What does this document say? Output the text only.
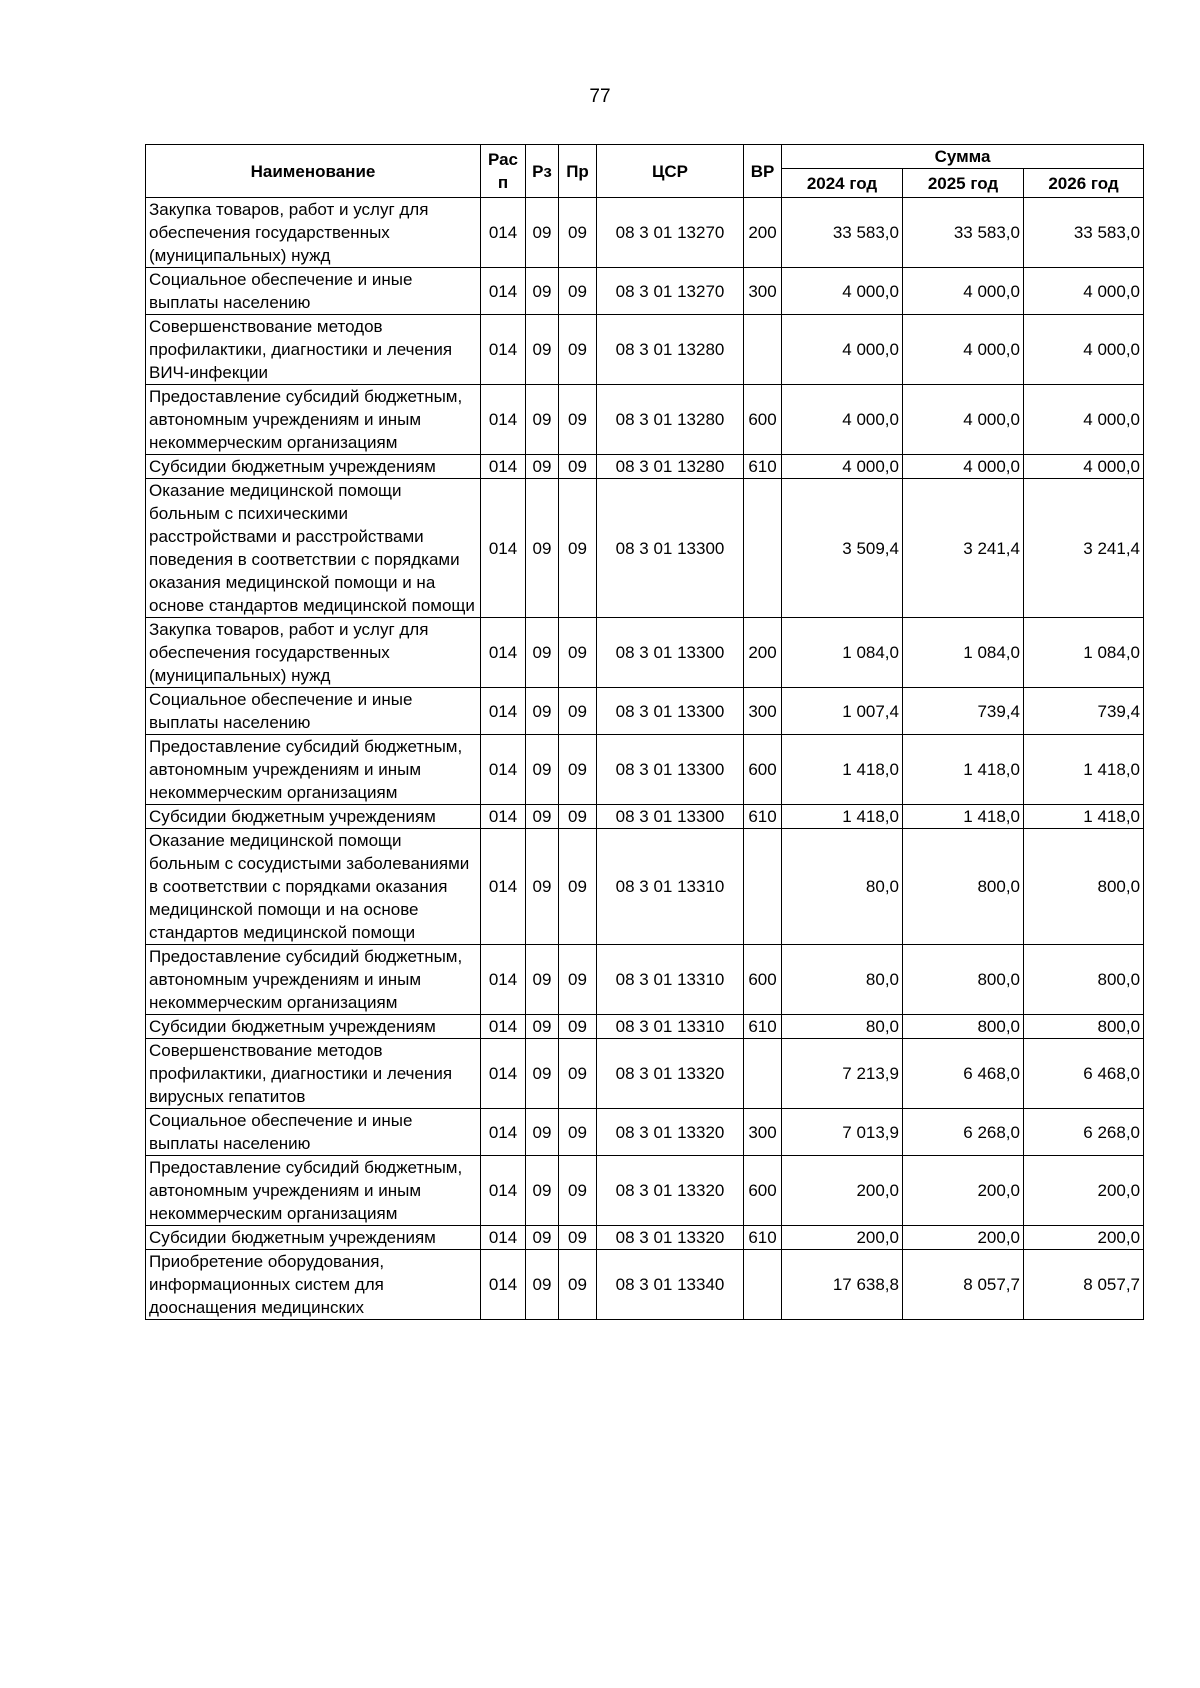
77
Наименование	Рас п	Рз	Пр	ЦСР	ВР	Сумма		
						2024 год	2025 год	2026 год
Закупка товаров, работ и услуг для обеспечения государственных (муниципальных) нужд	014	09	09	08 3 01 13270	200	33 583,0	33 583,0	33 583,0
Социальное обеспечение и иные выплаты населению	014	09	09	08 3 01 13270	300	4 000,0	4 000,0	4 000,0
Совершенствование методов профилактики, диагностики и лечения ВИЧ-инфекции	014	09	09	08 3 01 13280		4 000,0	4 000,0	4 000,0
Предоставление субсидий бюджетным, автономным учреждениям и иным некоммерческим организациям	014	09	09	08 3 01 13280	600	4 000,0	4 000,0	4 000,0
Субсидии бюджетным учреждениям	014	09	09	08 3 01 13280	610	4 000,0	4 000,0	4 000,0
Оказание медицинской помощи больным с психическими расстройствами и расстройствами поведения в соответствии с порядками оказания медицинской помощи и на основе стандартов медицинской помощи	014	09	09	08 3 01 13300		3 509,4	3 241,4	3 241,4
Закупка товаров, работ и услуг для обеспечения государственных (муниципальных) нужд	014	09	09	08 3 01 13300	200	1 084,0	1 084,0	1 084,0
Социальное обеспечение и иные выплаты населению	014	09	09	08 3 01 13300	300	1 007,4	739,4	739,4
Предоставление субсидий бюджетным, автономным учреждениям и иным некоммерческим организациям	014	09	09	08 3 01 13300	600	1 418,0	1 418,0	1 418,0
Субсидии бюджетным учреждениям	014	09	09	08 3 01 13300	610	1 418,0	1 418,0	1 418,0
Оказание медицинской помощи больным с сосудистыми заболеваниями в соответствии с порядками оказания медицинской помощи и на основе стандартов медицинской помощи	014	09	09	08 3 01 13310		80,0	800,0	800,0
Предоставление субсидий бюджетным, автономным учреждениям и иным некоммерческим организациям	014	09	09	08 3 01 13310	600	80,0	800,0	800,0
Субсидии бюджетным учреждениям	014	09	09	08 3 01 13310	610	80,0	800,0	800,0
Совершенствование методов профилактики, диагностики и лечения вирусных гепатитов	014	09	09	08 3 01 13320		7 213,9	6 468,0	6 468,0
Социальное обеспечение и иные выплаты населению	014	09	09	08 3 01 13320	300	7 013,9	6 268,0	6 268,0
Предоставление субсидий бюджетным, автономным учреждениям и иным некоммерческим организациям	014	09	09	08 3 01 13320	600	200,0	200,0	200,0
Субсидии бюджетным учреждениям	014	09	09	08 3 01 13320	610	200,0	200,0	200,0
Приобретение оборудования, информационных систем для дооснащения медицинских	014	09	09	08 3 01 13340		17 638,8	8 057,7	8 057,7
